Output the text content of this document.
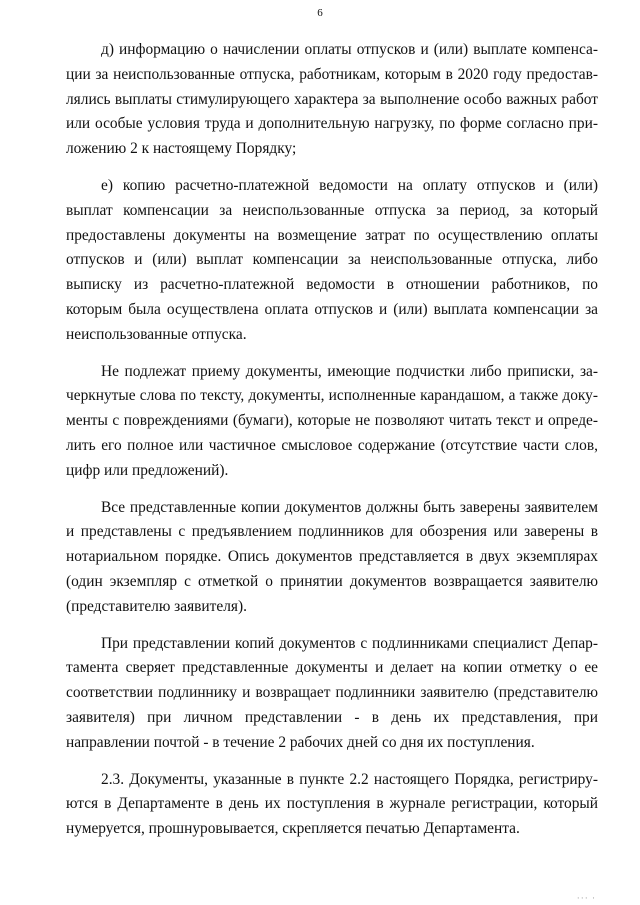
6

д) информацию о начислении оплаты отпусков и (или) выплате компенсации за неиспользованные отпуска, работникам, которым в 2020 году предоставлялись выплаты стимулирующего характера за выполнение особо важных работ или особые условия труда и дополнительную нагрузку, по форме согласно приложению 2 к настоящему Порядку;

е) копию расчетно-платежной ведомости на оплату отпусков и (или) выплат компенсации за неиспользованные отпуска за период, за который предоставлены документы на возмещение затрат по осуществлению оплаты отпусков и (или) выплат компенсации за неиспользованные отпуска, либо выписку из расчетно-платежной ведомости в отношении работников, по которым была осуществлена оплата отпусков и (или) выплата компенсации за неиспользованные отпуска.

Не подлежат приему документы, имеющие подчистки либо приписки, зачеркнутые слова по тексту, документы, исполненные карандашом, а также документы с повреждениями (бумаги), которые не позволяют читать текст и определить его полное или частичное смысловое содержание (отсутствие части слов, цифр или предложений).

Все представленные копии документов должны быть заверены заявителем и представлены с предъявлением подлинников для обозрения или заверены в нотариальном порядке. Опись документов представляется в двух экземплярах (один экземпляр с отметкой о принятии документов возвращается заявителю (представителю заявителя).

При представлении копий документов с подлинниками специалист Департамента сверяет представленные документы и делает на копии отметку о ее соответствии подлиннику и возвращает подлинники заявителю (представителю заявителя) при личном представлении - в день их представления, при направлении почтой - в течение 2 рабочих дней со дня их поступления.

2.3. Документы, указанные в пункте 2.2 настоящего Порядка, регистрируются в Департаменте в день их поступления в журнале регистрации, который нумеруется, прошнуровывается, скрепляется печатью Департамента.

··· ·
